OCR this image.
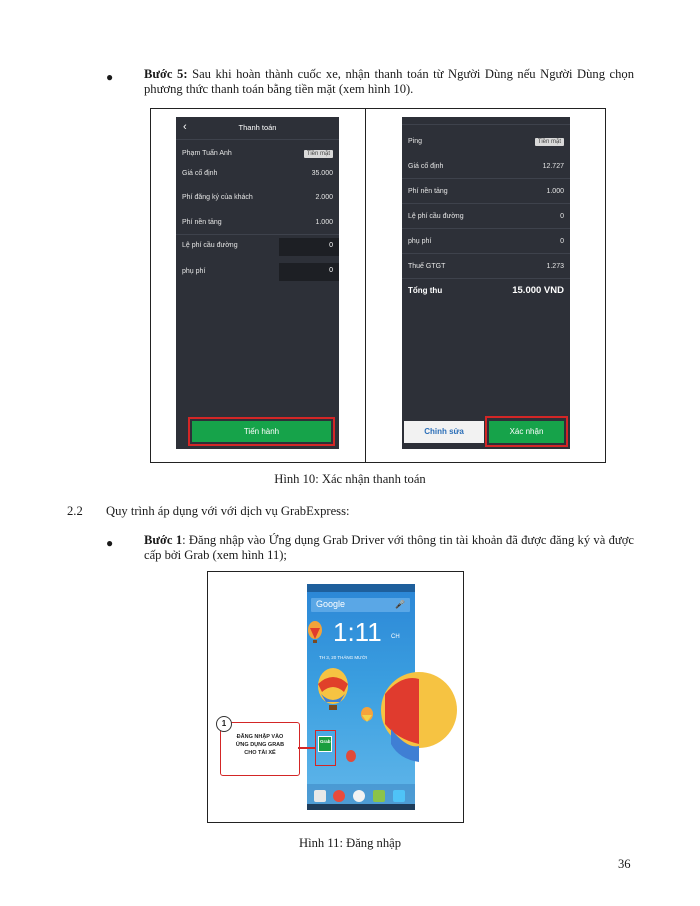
● Bước 5: Sau khi hoàn thành cuốc xe, nhận thanh toán từ Người Dùng nếu Người Dùng chọn
phương thức thanh toán bằng tiền mặt (xem hình 10).
‹	Thanh toán
Phạm Tuấn Anh	Tiền mặt
Giá cố định	35.000
Phí đăng ký của khách	2.000
Phí nền tảng	1.000
Lệ phí cầu đường	0
phụ phí	0
Tiến hành
Thanh toán
Ping	Tiền mặt
Giá cố định	12.727
Phí nền tảng	1.000
Lệ phí cầu đường	0
phụ phí	0
Thuế GTGT	1.273
Tổng thu	15.000 VND
Chỉnh sửa	Xác nhận
Hình 10: Xác nhận thanh toán
2.2 Quy trình áp dụng với với dịch vụ GrabExpress:
● Bước 1: Đăng nhập vào Ứng dụng Grab Driver với thông tin tài khoản đã được đăng ký và được
cấp bởi Grab (xem hình 11);
Google	🎤
1:11 CH
TH 3, 20 THÁNG MƯỜI
Grab
ĐĂNG NHẬP VÀO
ỨNG DỤNG GRAB
CHO TÀI XẾ
1
Hình 11: Đăng nhập
36
